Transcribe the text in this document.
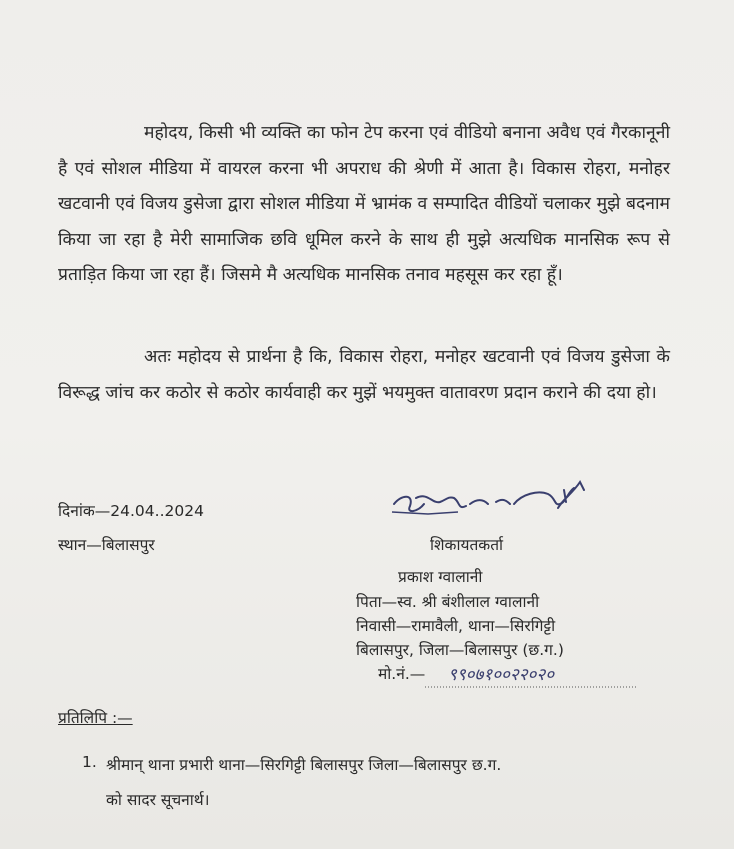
महोदय, किसी भी व्यक्ति का फोन टेप करना एवं वीडियो बनाना अवैध एवं गैरकानूनी है एवं सोशल मीडिया में वायरल करना भी अपराध की श्रेणी में आता है। विकास रोहरा, मनोहर खटवानी एवं विजय डुसेजा द्वारा सोशल मीडिया में भ्रामंक व सम्पादित वीडियों चलाकर मुझे बदनाम किया जा रहा है मेरी सामाजिक छवि धूमिल करने के साथ ही मुझे अत्यधिक मानसिक रूप से प्रताड़ित किया जा रहा हैं। जिसमे मै अत्यधिक मानसिक तनाव महसूस कर रहा हूँ।
अतः महोदय से प्रार्थना है कि, विकास रोहरा, मनोहर खटवानी एवं विजय डुसेजा के विरूद्ध जांच कर कठोर से कठोर कार्यवाही कर मुझें भयमुक्त वातावरण प्रदान कराने की दया हो।
दिनांक—24.04..2024
स्थान—बिलासपुर	शिकायतकर्ता
प्रकाश ग्वालानी
पिता—स्व. श्री बंशीलाल ग्वालानी
निवासी—रामावैली, थाना—सिरगिट्टी
बिलासपुर, जिला—बिलासपुर (छ.ग.)
मो.नं.— ९९०७१००२२०२०
प्रतिलिपि :—
1. श्रीमान् थाना प्रभारी थाना—सिरगिट्टी बिलासपुर जिला—बिलासपुर छ.ग.
को सादर सूचनार्थ।
